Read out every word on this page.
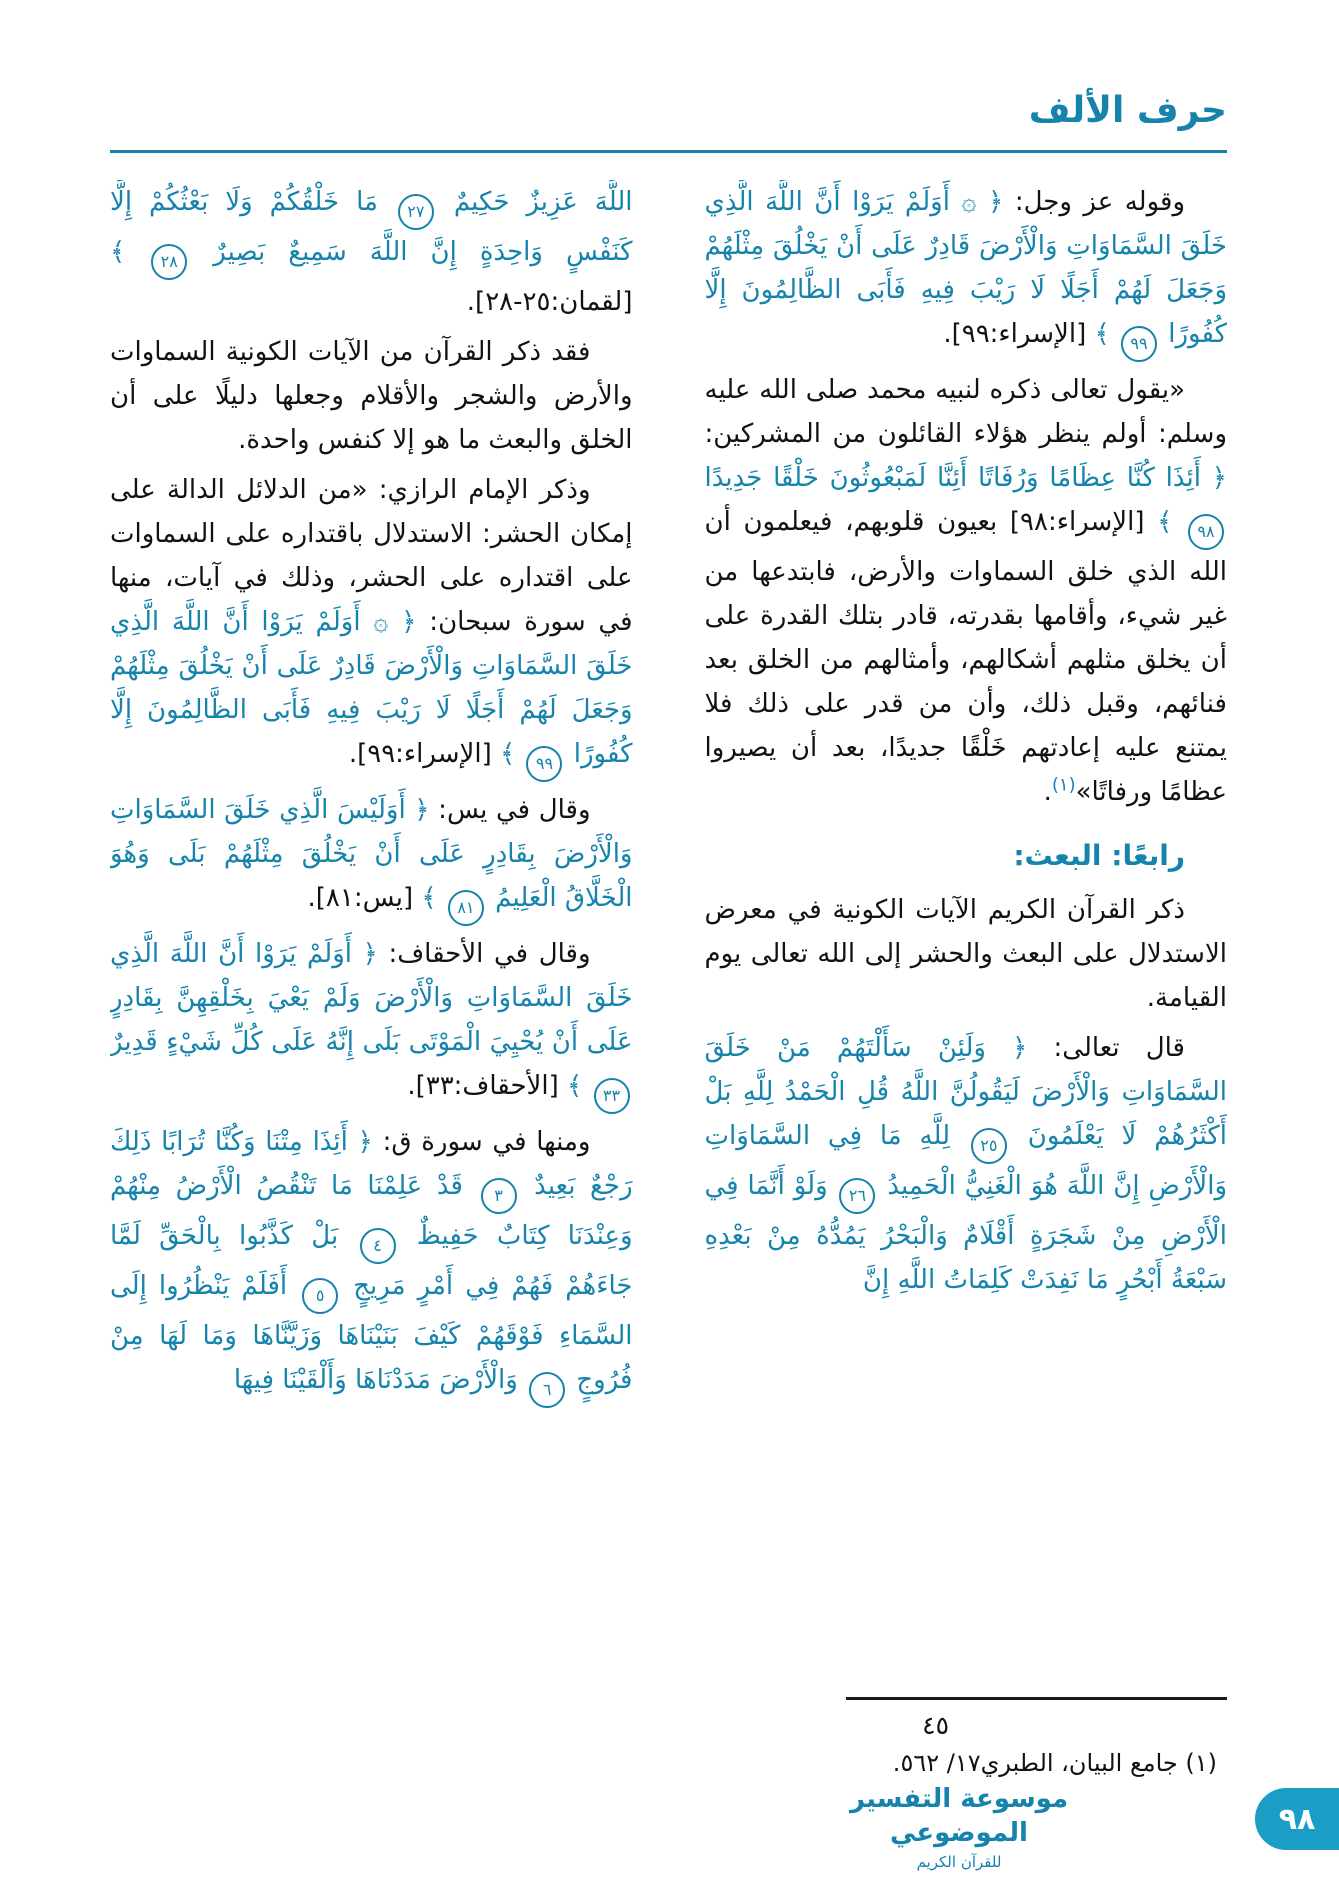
حرف الألف

وقوله عز وجل: ﴿ ۞ أَوَلَمْ يَرَوْا أَنَّ اللَّهَ الَّذِي خَلَقَ السَّمَاوَاتِ وَالْأَرْضَ قَادِرٌ عَلَى أَنْ يَخْلُقَ مِثْلَهُمْ وَجَعَلَ لَهُمْ أَجَلًا لَا رَيْبَ فِيهِ فَأَبَى الظَّالِمُونَ إِلَّا كُفُورًا ٩٩ ﴾ [الإسراء:٩٩].

«يقول تعالى ذكره لنبيه محمد صلى الله عليه وسلم: أولم ينظر هؤلاء القائلون من المشركين: ﴿ أَئِذَا كُنَّا عِظَامًا وَرُفَاتًا أَئِنَّا لَمَبْعُوثُونَ خَلْقًا جَدِيدًا ٩٨ ﴾ [الإسراء:٩٨] بعيون قلوبهم، فيعلمون أن الله الذي خلق السماوات والأرض، فابتدعها من غير شيء، وأقامها بقدرته، قادر بتلك القدرة على أن يخلق مثلهم أشكالهم، وأمثالهم من الخلق بعد فنائهم، وقبل ذلك، وأن من قدر على ذلك فلا يمتنع عليه إعادتهم خَلْقًا جديدًا، بعد أن يصيروا عظامًا ورفاتًا»$^{(١)}$.

رابعًا: البعث:

ذكر القرآن الكريم الآيات الكونية في معرض الاستدلال على البعث والحشر إلى الله تعالى يوم القيامة.

قال تعالى: ﴿ وَلَئِنْ سَأَلْتَهُمْ مَنْ خَلَقَ السَّمَاوَاتِ وَالْأَرْضَ لَيَقُولُنَّ اللَّهُ قُلِ الْحَمْدُ لِلَّهِ بَلْ أَكْثَرُهُمْ لَا يَعْلَمُونَ ٢٥ لِلَّهِ مَا فِي السَّمَاوَاتِ وَالْأَرْضِ إِنَّ اللَّهَ هُوَ الْغَنِيُّ الْحَمِيدُ ٢٦ وَلَوْ أَنَّمَا فِي الْأَرْضِ مِنْ شَجَرَةٍ أَقْلَامٌ وَالْبَحْرُ يَمُدُّهُ مِنْ بَعْدِهِ سَبْعَةُ أَبْحُرٍ مَا نَفِدَتْ كَلِمَاتُ اللَّهِ إِنَّ

٤٥
(١) جامع البيان، الطبري١٧/ ٥٦٢.

اللَّهَ عَزِيزٌ حَكِيمٌ ٢٧ مَا خَلْقُكُمْ وَلَا بَعْثُكُمْ إِلَّا كَنَفْسٍ وَاحِدَةٍ إِنَّ اللَّهَ سَمِيعٌ بَصِيرٌ ٢٨ ﴾ [لقمان:٢٥-٢٨].

فقد ذكر القرآن من الآيات الكونية السماوات والأرض والشجر والأقلام وجعلها دليلًا على أن الخلق والبعث ما هو إلا كنفس واحدة.

وذكر الإمام الرازي: «من الدلائل الدالة على إمكان الحشر: الاستدلال باقتداره على السماوات على اقتداره على الحشر، وذلك في آيات، منها في سورة سبحان: ﴿ ۞ أَوَلَمْ يَرَوْا أَنَّ اللَّهَ الَّذِي خَلَقَ السَّمَاوَاتِ وَالْأَرْضَ قَادِرٌ عَلَى أَنْ يَخْلُقَ مِثْلَهُمْ وَجَعَلَ لَهُمْ أَجَلًا لَا رَيْبَ فِيهِ فَأَبَى الظَّالِمُونَ إِلَّا كُفُورًا ٩٩ ﴾ [الإسراء:٩٩].

وقال في يس: ﴿ أَوَلَيْسَ الَّذِي خَلَقَ السَّمَاوَاتِ وَالْأَرْضَ بِقَادِرٍ عَلَى أَنْ يَخْلُقَ مِثْلَهُمْ بَلَى وَهُوَ الْخَلَّاقُ الْعَلِيمُ ٨١ ﴾ [يس:٨١].

وقال في الأحقاف: ﴿ أَوَلَمْ يَرَوْا أَنَّ اللَّهَ الَّذِي خَلَقَ السَّمَاوَاتِ وَالْأَرْضَ وَلَمْ يَعْيَ بِخَلْقِهِنَّ بِقَادِرٍ عَلَى أَنْ يُحْيِيَ الْمَوْتَى بَلَى إِنَّهُ عَلَى كُلِّ شَيْءٍ قَدِيرٌ ٣٣ ﴾ [الأحقاف:٣٣].

ومنها في سورة ق: ﴿ أَئِذَا مِتْنَا وَكُنَّا تُرَابًا ذَلِكَ رَجْعٌ بَعِيدٌ ٣ قَدْ عَلِمْنَا مَا تَنْقُصُ الْأَرْضُ مِنْهُمْ وَعِنْدَنَا كِتَابٌ حَفِيظٌ ٤ بَلْ كَذَّبُوا بِالْحَقِّ لَمَّا جَاءَهُمْ فَهُمْ فِي أَمْرٍ مَرِيجٍ ٥ أَفَلَمْ يَنْظُرُوا إِلَى السَّمَاءِ فَوْقَهُمْ كَيْفَ بَنَيْنَاهَا وَزَيَّنَّاهَا وَمَا لَهَا مِنْ فُرُوجٍ ٦ وَالْأَرْضَ مَدَدْنَاهَا وَأَلْقَيْنَا فِيهَا

موسوعة التفسير الموضوعي
للقرآن الكريم
٩٨
